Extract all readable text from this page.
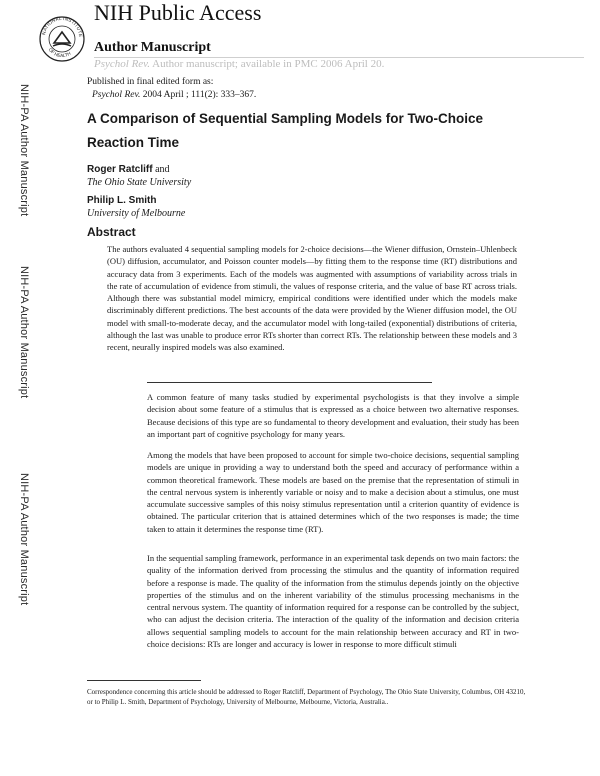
NATIONAL INSTITUTE
OF HEALTH
NIH Public Access
Author Manuscript
Psychol Rev. Author manuscript; available in PMC 2006 April 20.
Published in final edited form as:
Psychol Rev. 2004 April ; 111(2): 333–367.
A Comparison of Sequential Sampling Models for Two-Choice Reaction Time
Roger Ratcliff and
The Ohio State University
Philip L. Smith
University of Melbourne
Abstract
The authors evaluated 4 sequential sampling models for 2-choice decisions—the Wiener diffusion, Ornstein–Uhlenbeck (OU) diffusion, accumulator, and Poisson counter models—by fitting them to the response time (RT) distributions and accuracy data from 3 experiments. Each of the models was augmented with assumptions of variability across trials in the rate of accumulation of evidence from stimuli, the values of response criteria, and the value of base RT across trials. Although there was substantial model mimicry, empirical conditions were identified under which the models make discriminably different predictions. The best accounts of the data were provided by the Wiener diffusion model, the OU model with small-to-moderate decay, and the accumulator model with long-tailed (exponential) distributions of criteria, although the last was unable to produce error RTs shorter than correct RTs. The relationship between these models and 3 recent, neurally inspired models was also examined.
A common feature of many tasks studied by experimental psychologists is that they involve a simple decision about some feature of a stimulus that is expressed as a choice between two alternative responses. Because decisions of this type are so fundamental to theory development and evaluation, their study has been an important part of cognitive psychology for many years.
Among the models that have been proposed to account for simple two-choice decisions, sequential sampling models are unique in providing a way to understand both the speed and accuracy of performance within a common theoretical framework. These models are based on the premise that the representation of stimuli in the central nervous system is inherently variable or noisy and to make a decision about a stimulus, one must accumulate successive samples of this noisy stimulus representation until a criterion quantity of evidence is obtained. The particular criterion that is attained determines which of the two responses is made; the time taken to attain it determines the response time (RT).
In the sequential sampling framework, performance in an experimental task depends on two main factors: the quality of the information derived from processing the stimulus and the quantity of information required before a response is made. The quality of the information from the stimulus depends jointly on the objective properties of the stimulus and on the inherent variability of the stimulus processing mechanisms in the central nervous system. The quantity of information required for a response can be controlled by the subject, who can adjust the decision criteria. The interaction of the quality of the information and decision criteria allows sequential sampling models to account for the main relationship between accuracy and RT in two-choice decisions: RTs are longer and accuracy is lower in response to more difficult stimuli
Correspondence concerning this article should be addressed to Roger Ratcliff, Department of Psychology, The Ohio State University, Columbus, OH 43210, or to Philip L. Smith, Department of Psychology, University of Melbourne, Melbourne, Victoria, Australia..
NIH-PA Author Manuscript
NIH-PA Author Manuscript
NIH-PA Author Manuscript
